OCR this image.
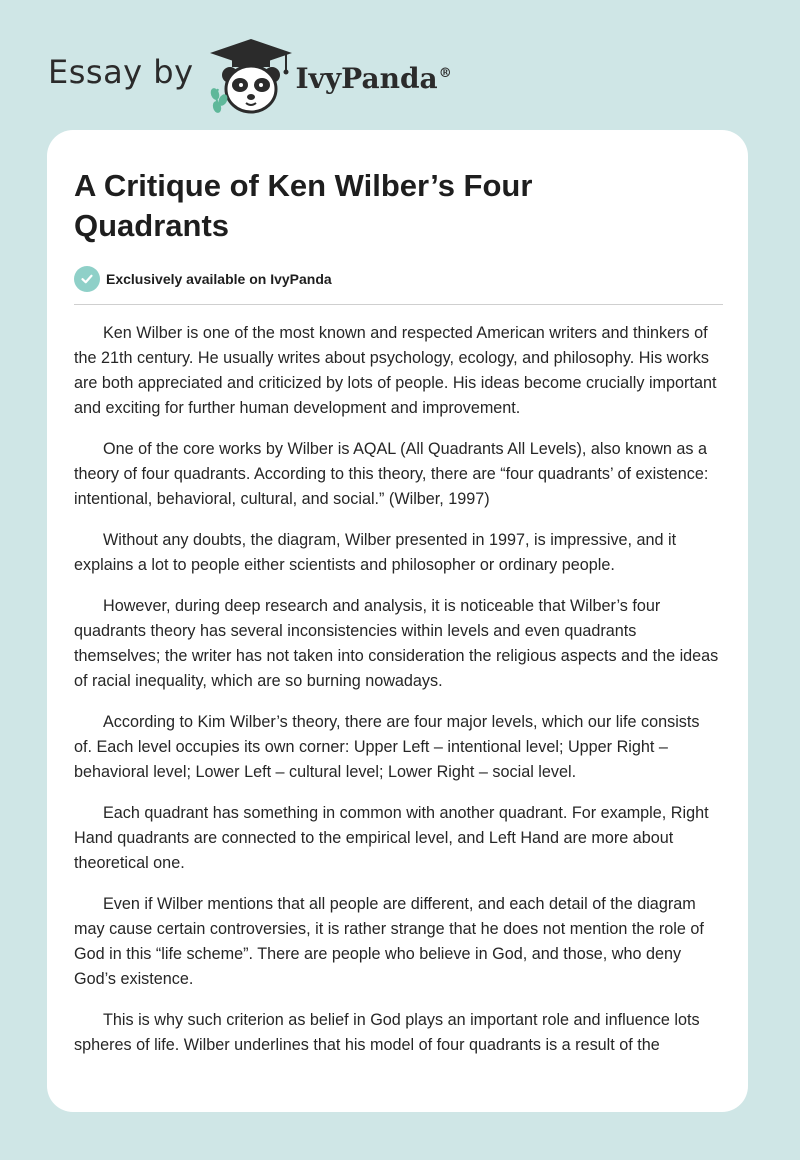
Essay by	IvyPanda®
A Critique of Ken Wilber’s Four Quadrants
Exclusively available on IvyPanda

Ken Wilber is one of the most known and respected American writers and thinkers of the 21th century. He usually writes about psychology, ecology, and philosophy. His works are both appreciated and criticized by lots of people. His ideas become crucially important and exciting for further human development and improvement.

One of the core works by Wilber is AQAL (All Quadrants All Levels), also known as a theory of four quadrants. According to this theory, there are “four quadrants’ of existence: intentional, behavioral, cultural, and social.” (Wilber, 1997)

Without any doubts, the diagram, Wilber presented in 1997, is impressive, and it explains a lot to people either scientists and philosopher or ordinary people.

However, during deep research and analysis, it is noticeable that Wilber’s four quadrants theory has several inconsistencies within levels and even quadrants themselves; the writer has not taken into consideration the religious aspects and the ideas of racial inequality, which are so burning nowadays.

According to Kim Wilber’s theory, there are four major levels, which our life consists of. Each level occupies its own corner: Upper Left – intentional level; Upper Right – behavioral level; Lower Left – cultural level; Lower Right – social level.

Each quadrant has something in common with another quadrant. For example, Right Hand quadrants are connected to the empirical level, and Left Hand are more about theoretical one.

Even if Wilber mentions that all people are different, and each detail of the diagram may cause certain controversies, it is rather strange that he does not mention the role of God in this “life scheme”. There are people who believe in God, and those, who deny God’s existence.

This is why such criterion as belief in God plays an important role and influence lots spheres of life. Wilber underlines that his model of four quadrants is a result of the
